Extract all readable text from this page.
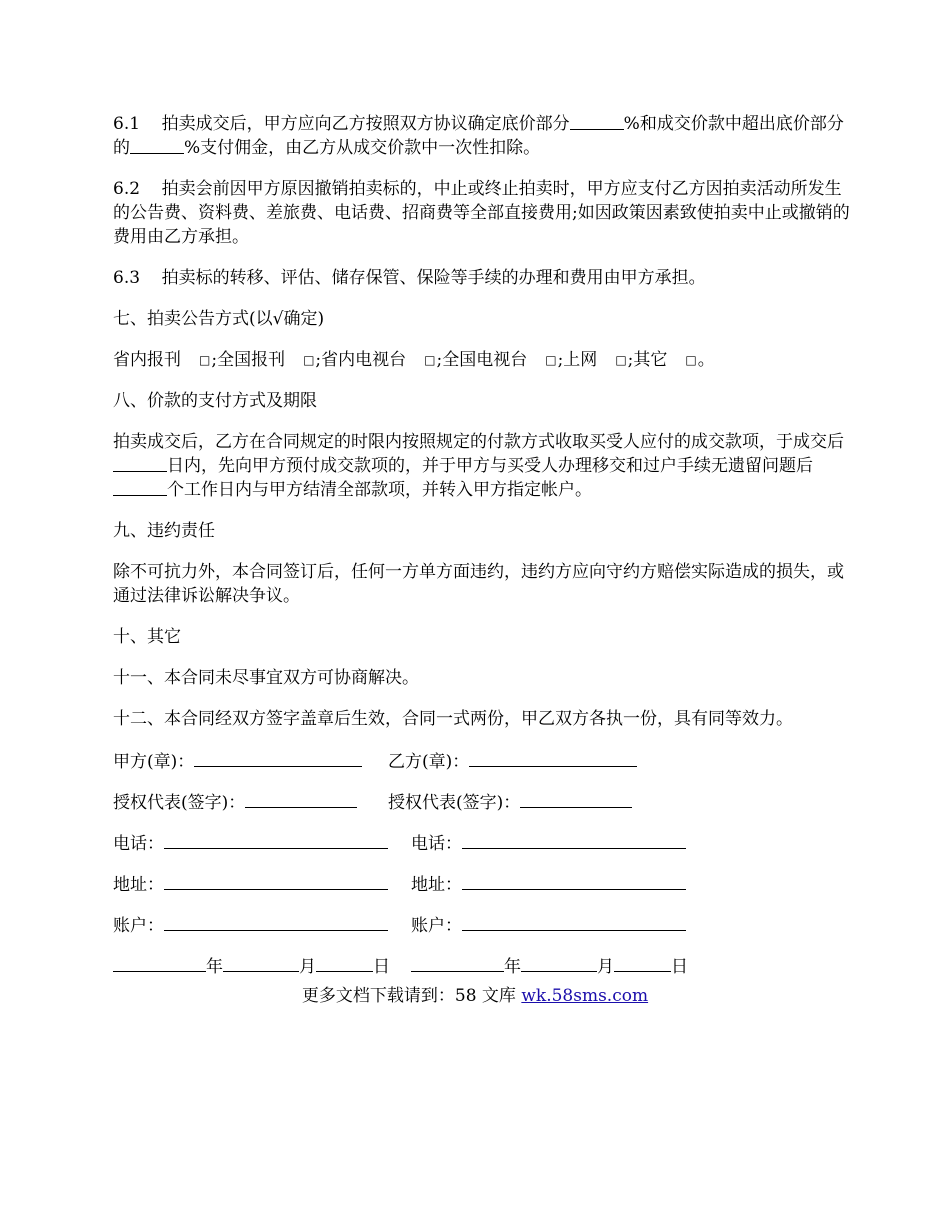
6.1 拍卖成交后，甲方应向乙方按照双方协议确定底价部分	%和成交价款中超出底价部分的	%支付佣金，由乙方从成交价款中一次性扣除。

6.2 拍卖会前因甲方原因撤销拍卖标的，中止或终止拍卖时，甲方应支付乙方因拍卖活动所发生的公告费、资料费、差旅费、电话费、招商费等全部直接费用;如因政策因素致使拍卖中止或撤销的费用由乙方承担。

6.3 拍卖标的转移、评估、储存保管、保险等手续的办理和费用由甲方承担。

七、拍卖公告方式(以√确定)

省内报刊 □;全国报刊 □;省内电视台 □;全国电视台 □;上网 □;其它 □。

八、价款的支付方式及期限

拍卖成交后，乙方在合同规定的时限内按照规定的付款方式收取买受人应付的成交款项，于成交后日内，先向甲方预付成交款项的，并于甲方与买受人办理移交和过户手续无遗留问题后个工作日内与甲方结清全部款项，并转入甲方指定帐户。

九、违约责任

除不可抗力外，本合同签订后，任何一方单方面违约，违约方应向守约方赔偿实际造成的损失，或通过法律诉讼解决争议。

十、其它

十一、本合同未尽事宜双方可协商解决。

十二、本合同经双方签字盖章后生效，合同一式两份，甲乙双方各执一份，具有同等效力。

甲方(章)：	乙方(章)：
授权代表(签字)：	授权代表(签字)：
电话：	电话：
地址：	地址：
账户：	账户：
年	月	日	年	月	日
更多文档下载请到：58 文库 wk.58sms.com
